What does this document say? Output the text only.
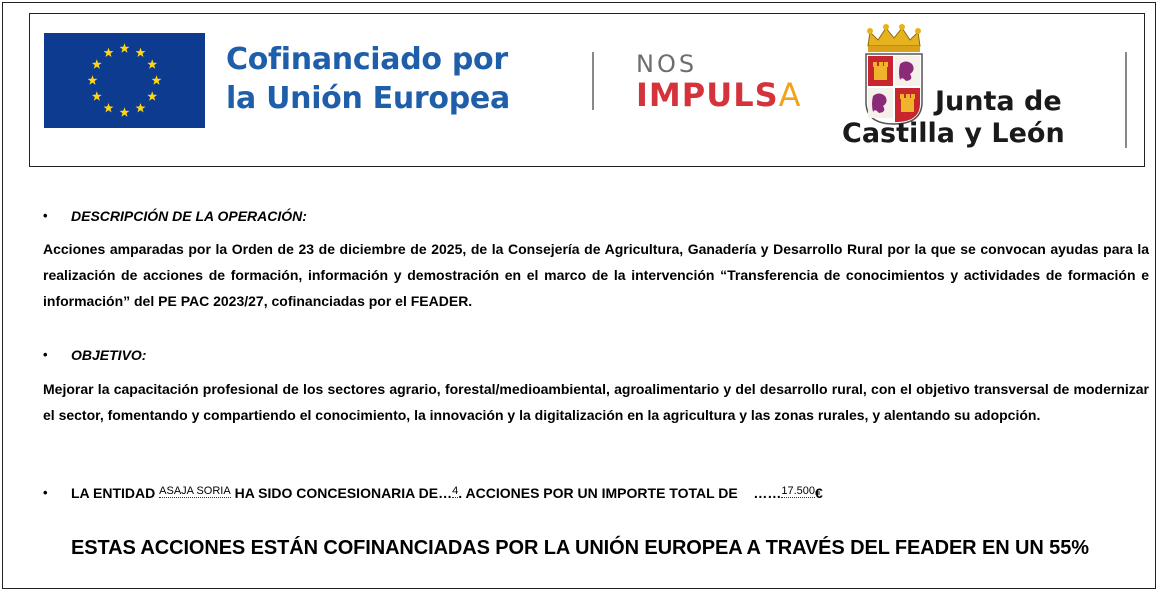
Cofinanciado por
la Unión Europea
NOS
IMPULSA	Junta de
Castilla y León
• DESCRIPCIÓN DE LA OPERACIÓN:
Acciones amparadas por la Orden de 23 de diciembre de 2025, de la Consejería de Agricultura, Ganadería y Desarrollo Rural por la que se convocan ayudas para la realización de acciones de formación, información y demostración en el marco de la intervención “Transferencia de conocimientos y actividades de formación e información” del PE PAC 2023/27, cofinanciadas por el FEADER.
• OBJETIVO:
Mejorar la capacitación profesional de los sectores agrario, forestal/medioambiental, agroalimentario y del desarrollo rural, con el objetivo transversal de modernizar el sector, fomentando y compartiendo el conocimiento, la innovación y la digitalización en la agricultura y las zonas rurales, y alentando su adopción.
• LA ENTIDAD ASAJA SORIA HA SIDO CONCESIONARIA DE…4. ACCIONES POR UN IMPORTE TOTAL DE ……17.500€
ESTAS ACCIONES ESTÁN COFINANCIADAS POR LA UNIÓN EUROPEA A TRAVÉS DEL FEADER EN UN 55%
